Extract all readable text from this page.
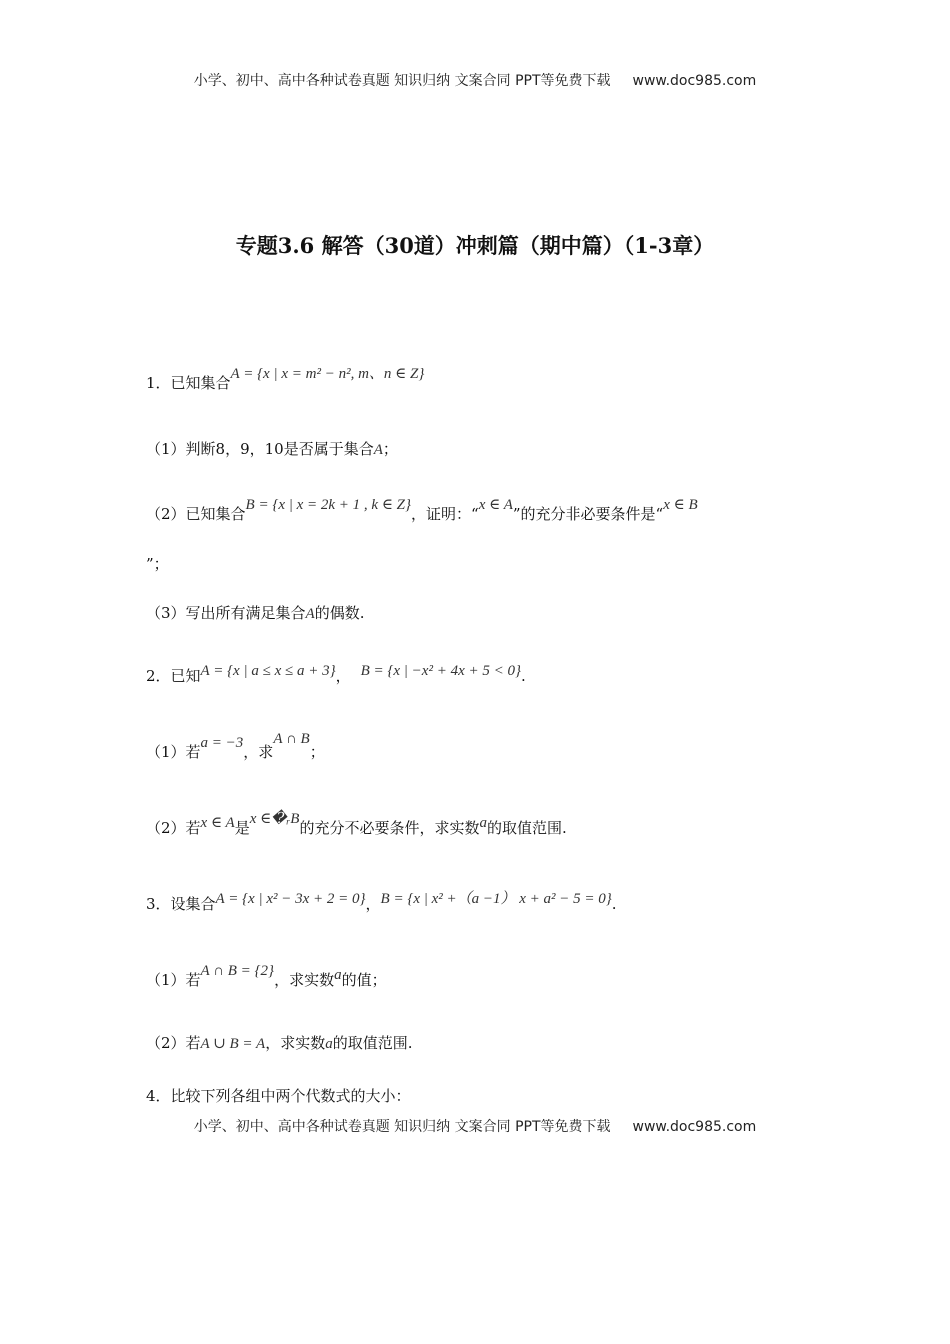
小学、初中、高中各种试卷真题 知识归纳 文案合同 PPT等免费下载 www.doc985.com
专题3.6 解答（30道）冲刺篇（期中篇）（1-3章）
1．已知集合A = {x | x = m² − n², m、n ∈ Z}
（1）判断8，9，10是否属于集合A；
（2）已知集合B = {x | x = 2k + 1 , k ∈ Z}，证明：“x ∈ A”的充分非必要条件是“x ∈ B
”；
（3）写出所有满足集合A的偶数.
2．已知A = {x | a ≤ x ≤ a + 3}， B = {x | −x² + 4x + 5 < 0}.
（1）若a = −3，求A ∩ B；
（2）若x ∈ A是x ∈�ᵣB的充分不必要条件，求实数a的取值范围.
3．设集合A = {x | x² − 3x + 2 = 0}，B = {x | x² +（a −1） x + a² − 5 = 0}.
（1）若A ∩ B = {2}，求实数a的值；
（2）若A ∪ B = A，求实数a的取值范围.
4．比较下列各组中两个代数式的大小：
小学、初中、高中各种试卷真题 知识归纳 文案合同 PPT等免费下载 www.doc985.com
